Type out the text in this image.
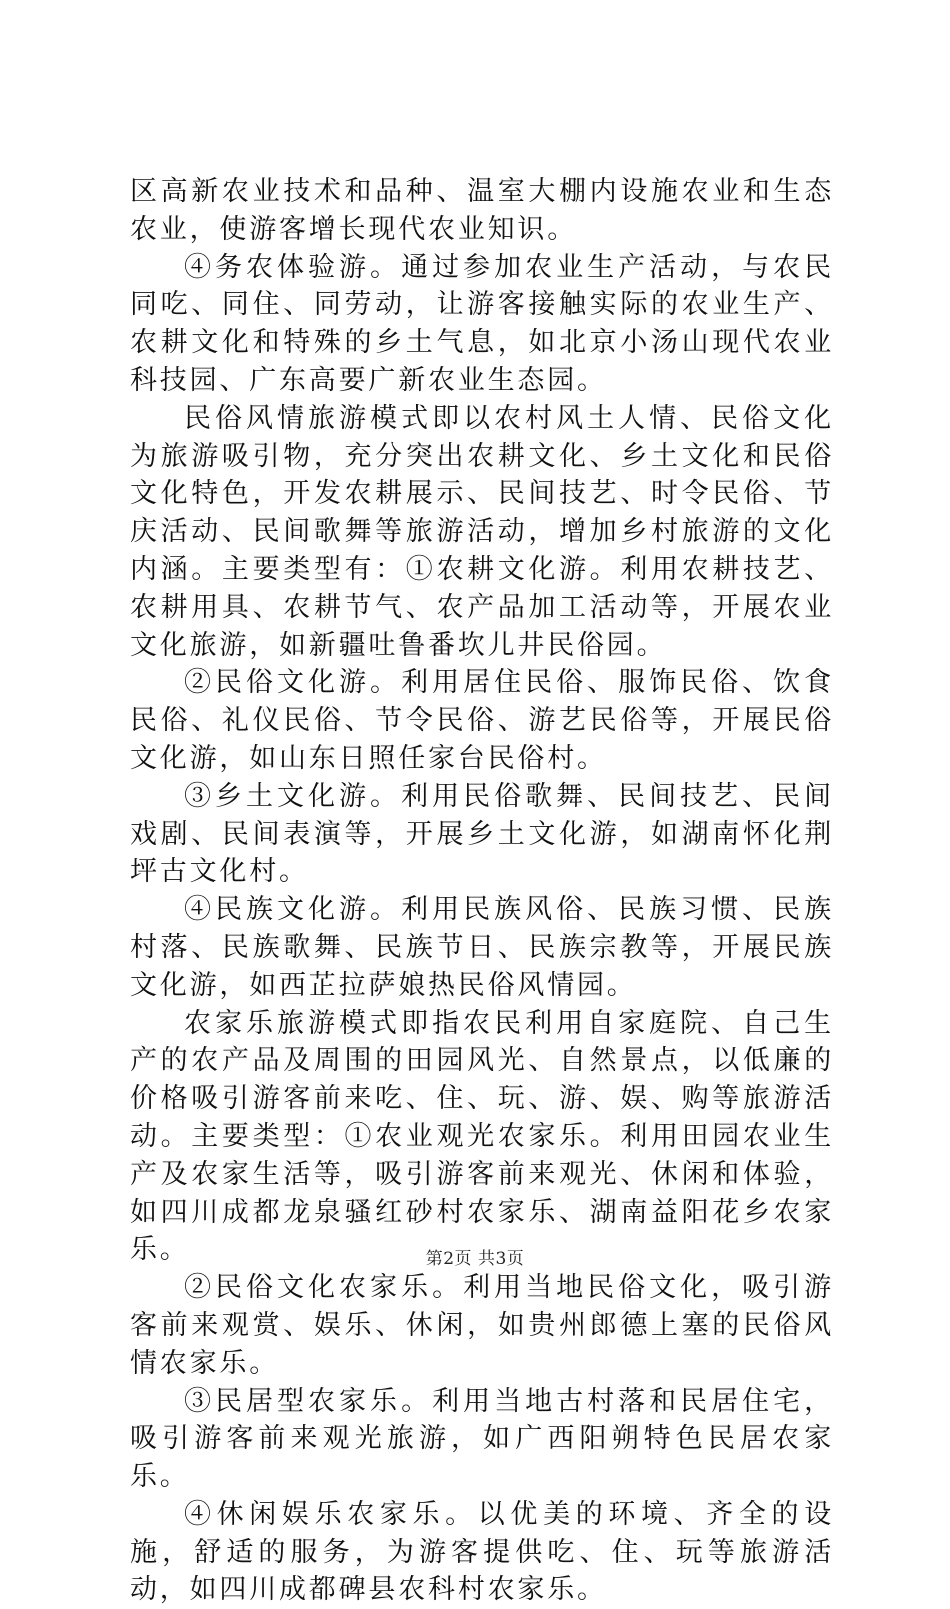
区高新农业技术和品种、温室大棚内设施农业和生态农业，使游客增长现代农业知识。

④务农体验游。通过参加农业生产活动，与农民同吃、同住、同劳动，让游客接触实际的农业生产、农耕文化和特殊的乡土气息，如北京小汤山现代农业科技园、广东高要广新农业生态园。

民俗风情旅游模式即以农村风土人情、民俗文化为旅游吸引物，充分突出农耕文化、乡土文化和民俗文化特色，开发农耕展示、民间技艺、时令民俗、节庆活动、民间歌舞等旅游活动，增加乡村旅游的文化内涵。主要类型有：①农耕文化游。利用农耕技艺、农耕用具、农耕节气、农产品加工活动等，开展农业文化旅游，如新疆吐鲁番坎儿井民俗园。

②民俗文化游。利用居住民俗、服饰民俗、饮食民俗、礼仪民俗、节令民俗、游艺民俗等，开展民俗文化游，如山东日照任家台民俗村。

③乡土文化游。利用民俗歌舞、民间技艺、民间戏剧、民间表演等，开展乡土文化游，如湖南怀化荆坪古文化村。

④民族文化游。利用民族风俗、民族习惯、民族村落、民族歌舞、民族节日、民族宗教等，开展民族文化游，如西芷拉萨娘热民俗风情园。

农家乐旅游模式即指农民利用自家庭院、自己生产的农产品及周围的田园风光、自然景点，以低廉的价格吸引游客前来吃、住、玩、游、娱、购等旅游活动。主要类型：①农业观光农家乐。利用田园农业生产及农家生活等，吸引游客前来观光、休闲和体验，如四川成都龙泉骚红砂村农家乐、湖南益阳花乡农家乐。

②民俗文化农家乐。利用当地民俗文化，吸引游客前来观赏、娱乐、休闲，如贵州郎德上塞的民俗风情农家乐。

③民居型农家乐。利用当地古村落和民居住宅，吸引游客前来观光旅游，如广西阳朔特色民居农家乐。

④休闲娱乐农家乐。以优美的环境、齐全的设施，舒适的服务，为游客提供吃、住、玩等旅游活动，如四川成都碑县农科村农家乐。

第2页 共3页
